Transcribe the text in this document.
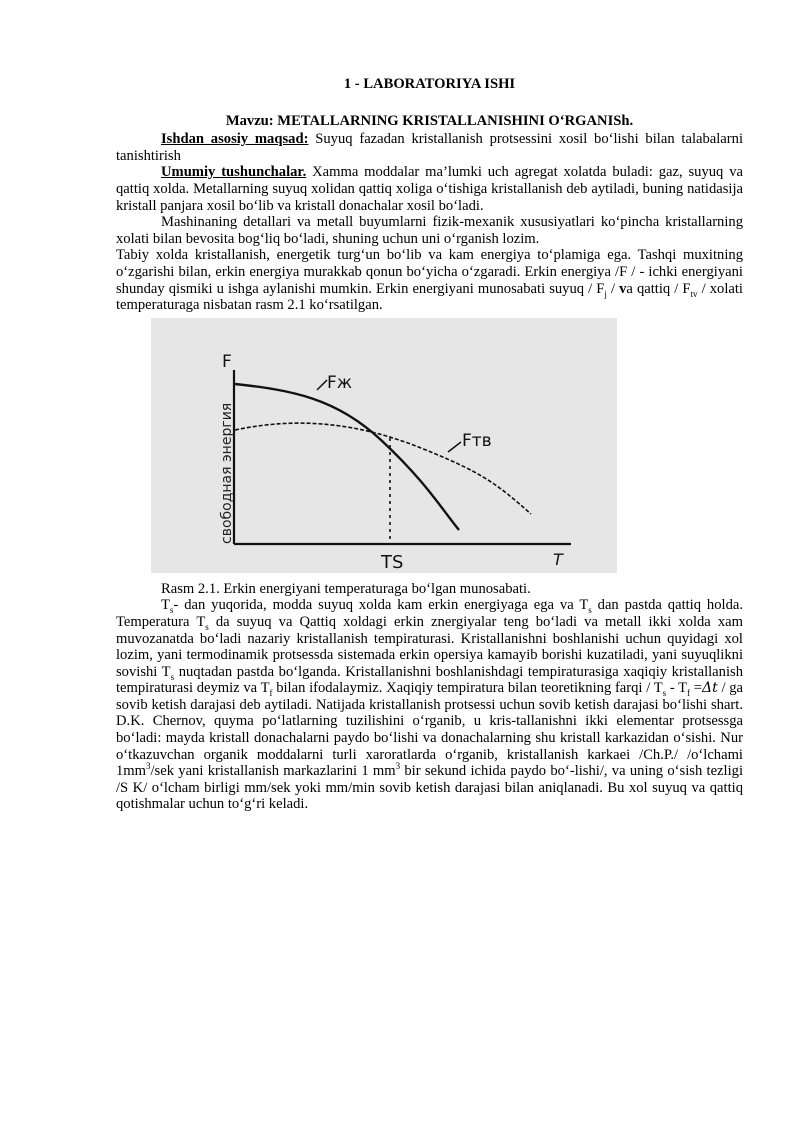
1 - LABORATORIYA ISHI
Mavzu: METALLARNING KRISTALLANISHINI O‘RGANISh.

Ishdan asosiy maqsad: Suyuq fazadan kristallanish protsessini xosil bo‘lishi bilan talabalarni tanishtirish

Umumiy tushunchalar. Xamma moddalar ma’lumki uch agregat xolatda buladi: gaz, suyuq va qattiq xolda. Metallarning suyuq xolidan qattiq xoliga o‘tishiga kristallanish deb aytiladi, buning natidasija kristall panjara xosil bo‘lib va kristall donachalar xosil bo‘ladi.

Mashinaning detallari va metall buyumlarni fizik-mexanik xususiyatlari ko‘pincha kristallarning xolati bilan bevosita bog‘liq bo‘ladi, shuning uchun uni o‘rganish lozim.

Tabiy xolda kristallanish, energetik turg‘un bo‘lib va kam energiya to‘plamiga ega. Tashqi muxitning o‘zgarishi bilan, erkin energiya murakkab qonun bo‘yicha o‘zgaradi. Erkin energiya /F / - ichki energiyani shunday qismiki u ishga aylanishi mumkin. Erkin energiyani munosabati suyuq / $F_j$ / va qattiq / $F_{tv}$ / xolati temperaturaga nisbatan rasm 2.1 ko‘rsatilgan.

F
свободная энергия
Fж
Fтв
TS	T

Rasm 2.1. Erkin energiyani temperaturaga bo‘lgan munosabati.

$T_s-$ dan yuqorida, modda suyuq xolda kam erkin energiyaga ega va $T_s$ dan pastda qattiq holda. Temperatura $T_s$ da suyuq va Qattiq xoldagi erkin znergiyalar teng bo‘ladi va metall ikki xolda xam muvozanatda bo‘ladi nazariy kristallanish tempiraturasi. Kristallanishni boshlanishi uchun quyidagi xol lozim, yani termodinamik protsessda sistemada erkin opersiya kamayib borishi kuzatiladi, yani suyuqlikni sovishi $T_s$ nuqtadan pastda bo‘lganda. Kristallanishni boshlanishdagi tempiraturasiga xaqiqiy kristallanish tempiraturasi deymiz va $T_f$ bilan ifodalaymiz. Xaqiqiy tempiratura bilan teoretikning farqi / $T_s - T_f =\Delta t$ / ga sovib ketish darajasi deb aytiladi. Natijada kristallanish protsessi uchun sovib ketish darajasi bo‘lishi shart. D.K. Chernov, quyma po‘latlarning tuzilishini o‘rganib, u kris-tallanishni ikki elementar protsessga bo‘ladi: mayda kristall donachalarni paydo bo‘lishi va donachalarning shu kristall karkazidan o‘sishi. Nur o‘tkazuvchan organik moddalarni turli xaroratlarda o‘rganib, kristallanish karkaei /Ch.P./ /o‘lchami $1mm^3$/sek yani kristallanish markazlarini 1 $mm^3$ bir sekund ichida paydo bo‘-lishi/, va uning o‘sish tezligi /S K/ o‘lcham birligi mm/sek yoki mm/min sovib ketish darajasi bilan aniqlanadi. Bu xol suyuq va qattiq qotishmalar uchun to‘g‘ri keladi.
